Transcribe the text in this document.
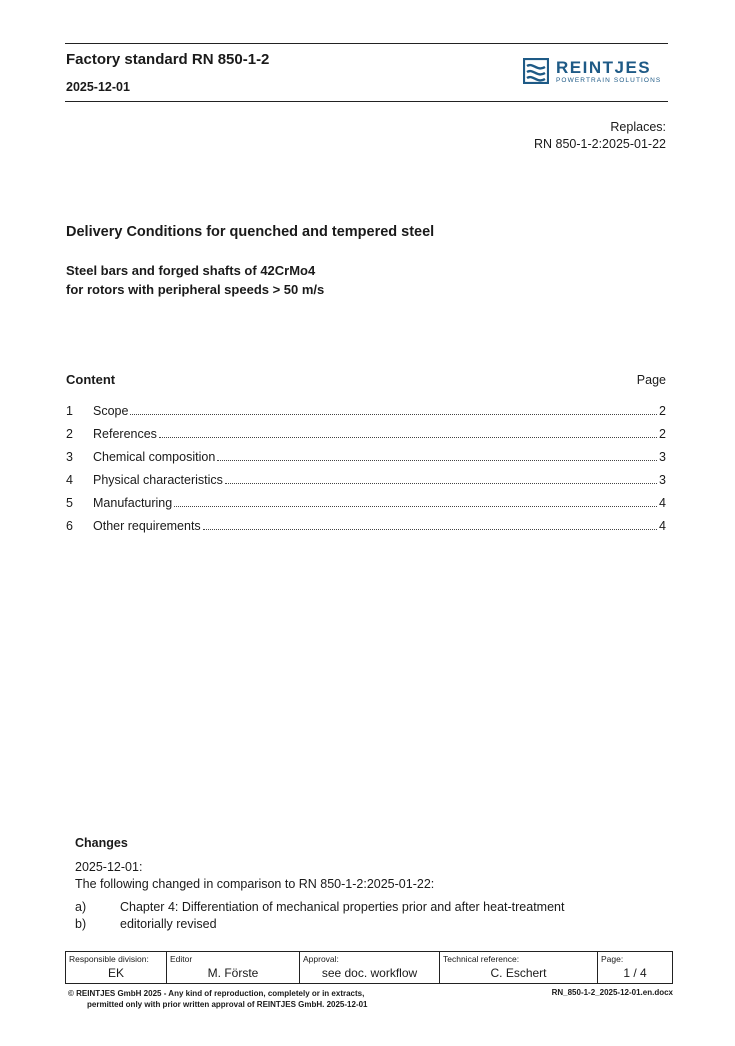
Factory standard RN 850-1-2
2025-12-01
REINTJES
POWERTRAIN SOLUTIONS
Replaces:
RN 850-1-2:2025-01-22
Delivery Conditions for quenched and tempered steel
Steel bars and forged shafts of 42CrMo4
for rotors with peripheral speeds > 50 m/s
Content	Page
1	Scope	2
2	References	2
3	Chemical composition	3
4	Physical characteristics	3
5	Manufacturing	4
6	Other requirements	4
Changes
2025-12-01:
The following changed in comparison to RN 850-1-2:2025-01-22:
a)	Chapter 4: Differentiation of mechanical properties prior and after heat-treatment
b)	editorially revised
Responsible division:
EK

Editor
M. Förste

Approval:
see doc. workflow

Technical reference:
C. Eschert

Page:
1 / 4
© REINTJES GmbH 2025 - Any kind of reproduction, completely or in extracts,
permitted only with prior written approval of REINTJES GmbH. 2025-12-01
RN_850-1-2_2025-12-01.en.docx
